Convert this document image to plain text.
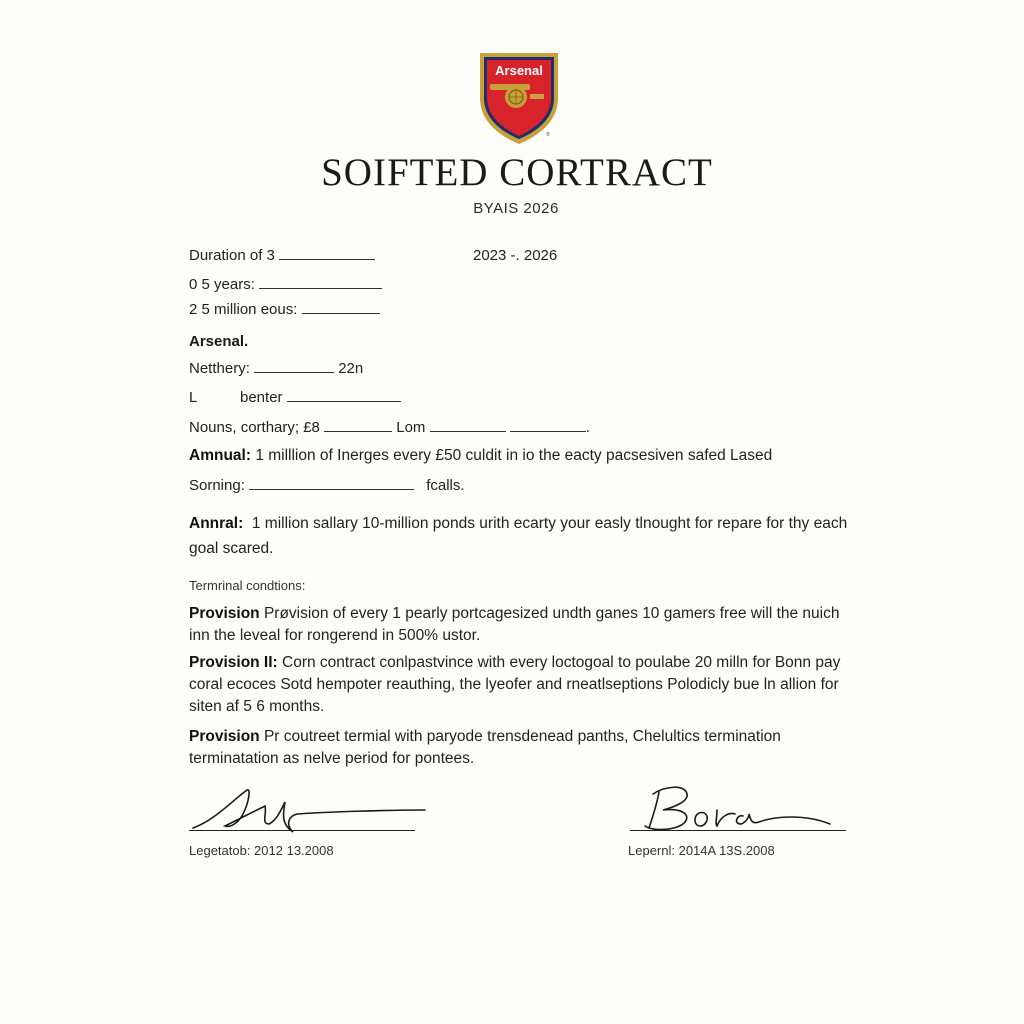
Arsenal
®
SOIFTED CORTRACT
BYAIS 2026
Duration of 3	2023 -. 2026
0 5 years:
2 5 million eous:
Arsenal.
Netthery:	22n
L	benter
Nouns, corthary; £8	Lom	.
Amnual: 1 milllion of Inerges every £50 culdit in io the eacty pacsesiven safed Lased
Sorning:	fcalls.
Annral: 1 million sallary 10-million ponds urith ecarty your easly tlnought for repare for thy each goal scared.
Termrinal condtions:
Provision Prøvision of every 1 pearly portcagesized undth ganes 10 gamers free will the nuich inn the leveal for rongerend in 500% ustor.
Provision II: Corn contract conlpastvince with every loctogoal to poulabe 20 milln for Bonn pay coral ecoces Sotd hempoter reauthing, the lyeofer and rneatlseptions Polodicly bue ln allion for siten af 5 6 months.
Provision Pr coutreet termial with paryode trensdenead panths, Chelultics termination terminatation as nelve period for pontees.
Legetatob: 2012 13.2008	Lepernl: 2014A 13S.2008
